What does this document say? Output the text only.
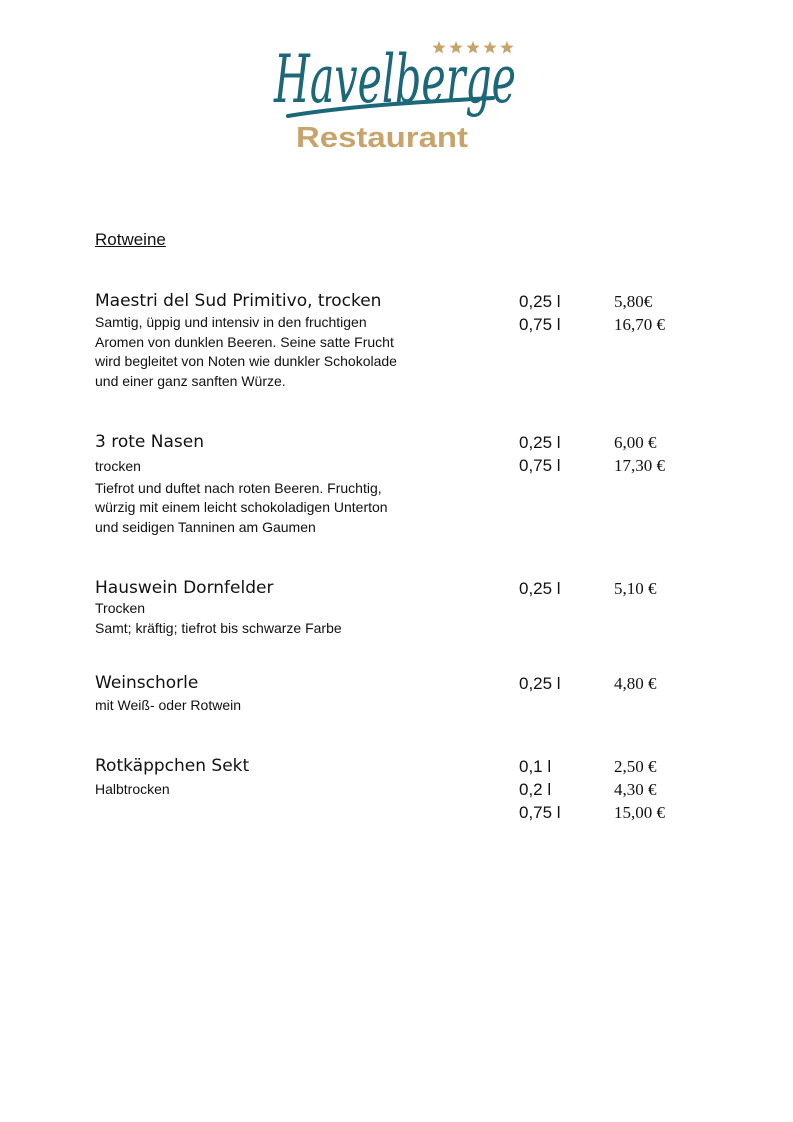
Havelberge
Restaurant
Rotweine
Maestri del Sud Primitivo, trocken
Samtig, üppig und intensiv in den fruchtigen
Aromen von dunklen Beeren. Seine satte Frucht
wird begleitet von Noten wie dunkler Schokolade
und einer ganz sanften Würze.
0,25 l
0,75 l
5,80€
16,70 €
3 rote Nasen
trocken
Tiefrot und duftet nach roten Beeren. Fruchtig,
würzig mit einem leicht schokoladigen Unterton
und seidigen Tanninen am Gaumen
0,25 l
0,75 l
6,00 €
17,30 €
Hauswein Dornfelder
Trocken
Samt; kräftig; tiefrot bis schwarze Farbe
0,25 l	5,10 €
Weinschorle
mit Weiß- oder Rotwein
0,25 l	4,80 €
Rotkäppchen Sekt
Halbtrocken
0,1 l
0,2 l
0,75 l
2,50 €
4,30 €
15,00 €
